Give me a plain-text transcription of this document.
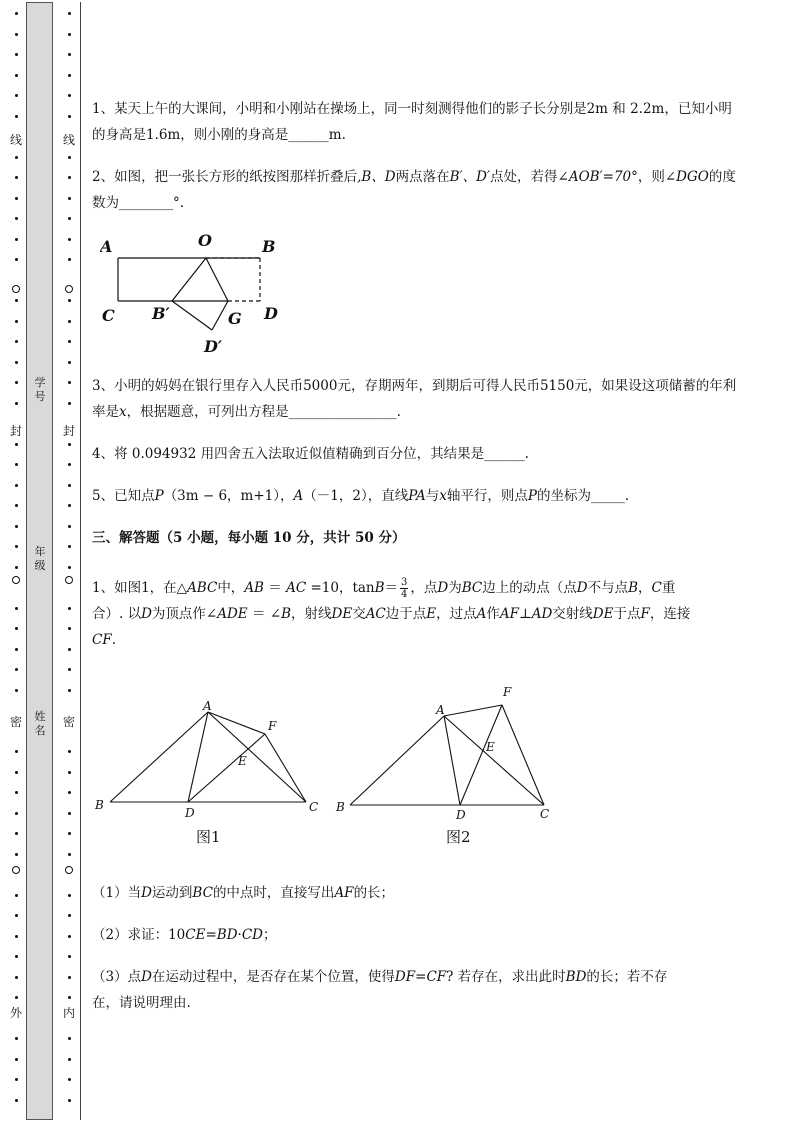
线
封
密
外
线
封
密
内
学号
年级
姓名
1、某天上午的大课间，小明和小刚站在操场上，同一时刻测得他们的影子长分别是2m 和 2.2m，已知小明的身高是1.6m，则小刚的身高是______m.
2、如图，把一张长方形的纸按图那样折叠后,B、D两点落在B′、D′点处，若得∠AOB′=70°，则∠DGO的度数为________°.
A	O	B
C B′	G D
D′
3、小明的妈妈在银行里存入人民币5000元，存期两年，到期后可得人民币5150元，如果设这项储蓄的年利率是x，根据题意，可列出方程是________________.
4、将 0.094932 用四舍五入法取近似值精确到百分位，其结果是______.
5、已知点P（3m − 6，m+1），A（－1，2），直线PA与x轴平行，则点P的坐标为_____.
三、解答题（5 小题，每小题 10 分，共计 50 分）
1、如图1，在△ABC中，AB ＝ AC =10，$\tan B= \frac{3}{4}$ ，点D为BC边上的动点（点D不与点B，C重
合）. 以D为顶点作∠ADE ＝ ∠B，射线DE交AC边于点E，过点A作AF⊥AD交射线DE于点F，连接
CF.
A
B	C
D
E
F
A
B	C
D
E
F
图1	图2
（1）当D运动到BC的中点时，直接写出AF的长；
（2）求证：10CE=BD·CD；
（3）点D在运动过程中，是否存在某个位置，使得DF=CF? 若存在，求出此时BD的长；若不存
在，请说明理由.
